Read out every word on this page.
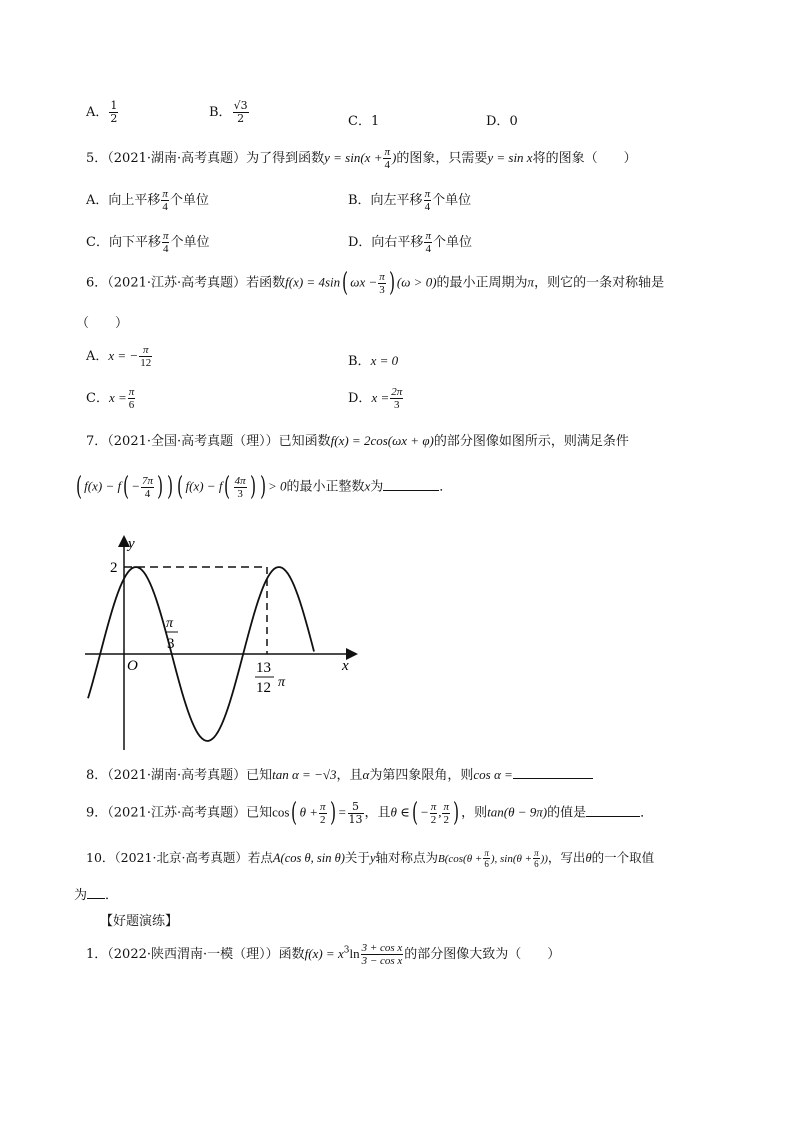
A． $\frac{1}{2}$	B． $\frac{√3}{2}$	C．1	D．0
5．（2021·湖南·高考真题）为了得到函数$y = \sin(x + \frac{\pi}{4}$ )的图象，只需要y = sin x将的图象（　　）
A．向上平移 $\frac{\pi}{4}$ 个单位	B．向左平移 $\frac{\pi}{4}$ 个单位
C．向下平移 $\frac{\pi}{4}$ 个单位	D．向右平移 $\frac{\pi}{4}$ 个单位
6．（2021·江苏·高考真题）若函数f(x) = 4sin( $\omega x - \frac{\pi}{3}$ ) (ω > 0)的最小正周期为π，则它的一条对称轴是
（　　）
A．x = − $\frac{\pi}{12}$	B．x = 0
C．$x = \frac{\pi}{6}$	D．$x = \frac{2\pi}{3}$
7．（2021·全国·高考真题（理））已知函数f(x) = 2cos(ωx + φ)的部分图像如图所示，则满足条件
( $f(x) - f( - \frac{7\pi}{4}$ ) ) ( $f(x) - f( \frac{4\pi}{3}$ ) ) > 0的最小正整数x为	．
y
x
O
2
π
3
13
12 π
8．（2021·湖南·高考真题）已知tan α = −√3，且α为第四象限角，则cos α =
9．（2021·江苏·高考真题）已知cos( $\theta + \frac{\pi}{2}$ ) = $\frac{5}{13}$ ，且θ ∈( − $\frac{\pi}{2}$ , $\frac{\pi}{2}$ ) ，则tan(θ − 9π)的值是	．
10．（2021·北京·高考真题）若点A(cos θ, sin θ)关于y轴对称点为$B(\cos(\theta + \frac{\pi}{6}$ ), $\sin(\theta + \frac{\pi}{6}$ ))，写出θ的一个取值
为 ．
【好题演练】
1．（2022·陕西渭南·一模（理））函数$f(x) = x^3\ln \frac{\text{3 + cos x}}{\text{3 − cos x}}$ 的部分图像大致为（　　）
